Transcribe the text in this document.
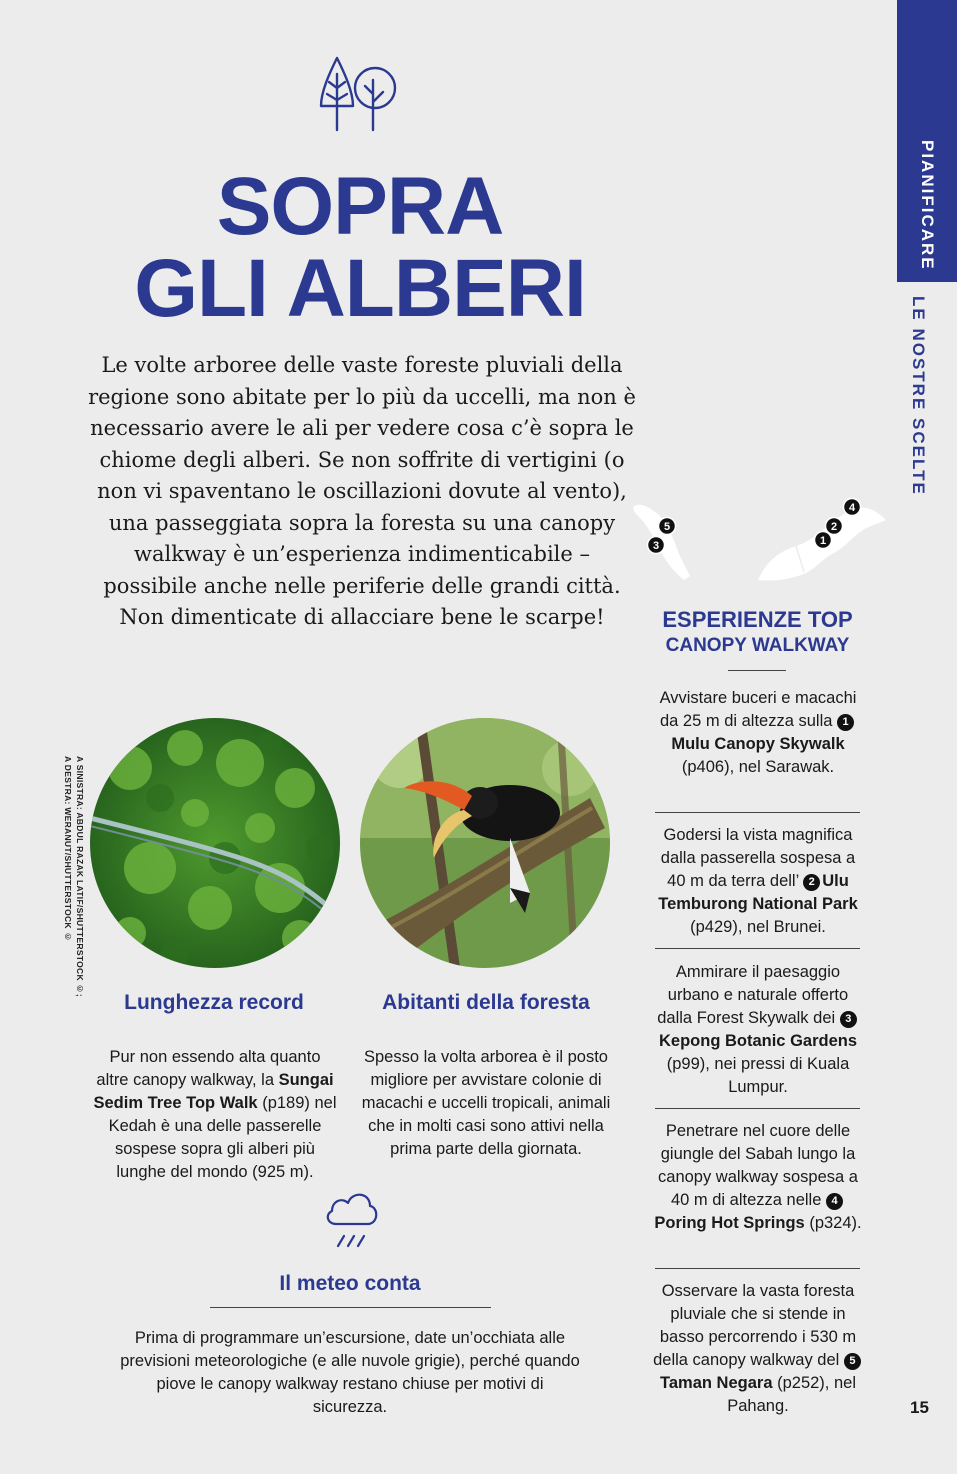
PIANIFICARE
LE NOSTRE SCELTE
15
SOPRA
GLI ALBERI
Le volte arboree delle vaste foreste pluviali della regione sono abitate per lo più da uccelli, ma non è necessario avere le ali per vedere cosa c’è sopra le chiome degli alberi. Se non soffrite di vertigini (o non vi spaventano le oscillazioni dovute al vento), una passeggiata sopra la foresta su una canopy walkway è un’esperienza indimenticabile – possibile anche nelle periferie delle grandi città. Non dimenticate di allacciare bene le scarpe!
A SINISTRA: ABDUL RAZAK LATIF/SHUTTERSTOCK ©;
A DESTRA: WERANUT/SHUTTERSTOCK ©
Lunghezza record
Pur non essendo alta quanto altre canopy walkway, la Sungai Sedim Tree Top Walk (p189) nel Kedah è una delle passerelle sospese sopra gli alberi più lunghe del mondo (925 m).
Abitanti della foresta
Spesso la volta arborea è il posto migliore per avvistare colonie di macachi e uccelli tropicali, animali che in molti casi sono attivi nella prima parte della giornata.
Il meteo conta
Prima di programmare un’escursione, date un’occhiata alle previsioni meteorologiche (e alle nuvole grigie), perché quando piove le canopy walkway restano chiuse per motivi di sicurezza.
1
2
3
4
5
ESPERIENZE TOP
CANOPY WALKWAY
Avvistare buceri e macachi da 25 m di altezza sulla 1Mulu Canopy Skywalk (p406), nel Sarawak.
Godersi la vista magnifica dalla passerella sospesa a 40 m da terra dell’ 2 Ulu Temburong National Park (p429), nel Brunei.
Ammirare il paesaggio urbano e naturale offerto dalla Forest Skywalk dei 3Kepong Botanic Gardens (p99), nei pressi di Kuala Lumpur.
Penetrare nel cuore delle giungle del Sabah lungo la canopy walkway sospesa a 40 m di altezza nelle 4Poring Hot Springs (p324).
Osservare la vasta foresta pluviale che si stende in basso percorrendo i 530 m della canopy walkway del 5Taman Negara (p252), nel Pahang.
